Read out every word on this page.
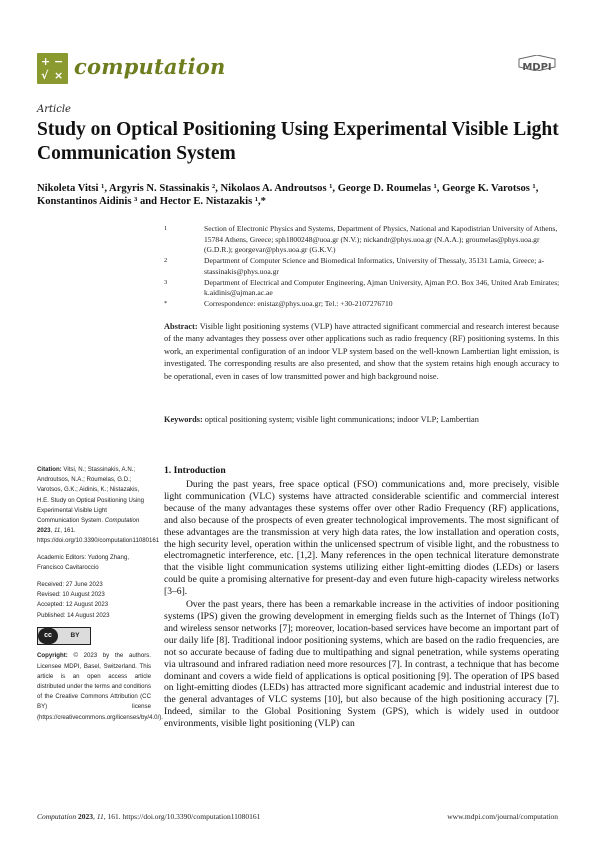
+ −
√ × computation	MDPI
Article
Study on Optical Positioning Using Experimental Visible Light Communication System
Nikoleta Vitsi ¹, Argyris N. Stassinakis ², Nikolaos A. Androutsos ¹, George D. Roumelas ¹, George K. Varotsos ¹,
Konstantinos Aidinis ³ and Hector E. Nistazakis ¹,*
1	Section of Electronic Physics and Systems, Department of Physics, National and Kapodistrian University of Athens, 15784 Athens, Greece; sph1800248@uoa.gr (N.V.); nickandr@phys.uoa.gr (N.A.A.); groumelas@phys.uoa.gr (G.D.R.); georgevar@phys.uoa.gr (G.K.V.)
2	Department of Computer Science and Biomedical Informatics, University of Thessaly, 35131 Lamia, Greece; a-stassinakis@phys.uoa.gr
3	Department of Electrical and Computer Engineering, Ajman University, Ajman P.O. Box 346, United Arab Emirates; k.aidinis@ajman.ac.ae
*	Correspondence: enistaz@phys.uoa.gr; Tel.: +30-2107276710
Abstract: Visible light positioning systems (VLP) have attracted significant commercial and research interest because of the many advantages they possess over other applications such as radio frequency (RF) positioning systems. In this work, an experimental configuration of an indoor VLP system based on the well-known Lambertian light emission, is investigated. The corresponding results are also presented, and show that the system retains high enough accuracy to be operational, even in cases of low transmitted power and high background noise.
Keywords: optical positioning system; visible light communications; indoor VLP; Lambertian

Citation: Vitsi, N.; Stassinakis, A.N.; Androutsos, N.A.; Roumelas, G.D.; Varotsos, G.K.; Aidinis, K.; Nistazakis, H.E. Study on Optical Positioning Using Experimental Visible Light Communication System. Computation 2023, 11, 161. https://doi.org/10.3390/computation11080161

Academic Editors: Yudong Zhang, Francisco Cavitaroccio

Received: 27 June 2023
Revised: 10 August 2023
Accepted: 12 August 2023
Published: 14 August 2023
cc	BY

Copyright: © 2023 by the authors. Licensee MDPI, Basel, Switzerland. This article is an open access article distributed under the terms and conditions of the Creative Commons Attribution (CC BY) license (https://creativecommons.org/licenses/by/4.0/).

1. Introduction

During the past years, free space optical (FSO) communications and, more precisely, visible light communication (VLC) systems have attracted considerable scientific and commercial interest because of the many advantages these systems offer over other Radio Frequency (RF) applications, and also because of the prospects of even greater technological improvements. The most significant of these advantages are the transmission at very high data rates, the low installation and operation costs, the high security level, operation within the unlicensed spectrum of visible light, and the robustness to electromagnetic interference, etc. [1,2]. Many references in the open technical literature demonstrate that the visible light communication systems utilizing either light-emitting diodes (LEDs) or lasers could be quite a promising alternative for present-day and even future high-capacity wireless networks [3–6].

Over the past years, there has been a remarkable increase in the activities of indoor positioning systems (IPS) given the growing development in emerging fields such as the Internet of Things (IoT) and wireless sensor networks [7]; moreover, location-based services have become an important part of our daily life [8]. Traditional indoor positioning systems, which are based on the radio frequencies, are not so accurate because of fading due to multipathing and signal penetration, while systems operating via ultrasound and infrared radiation need more resources [7]. In contrast, a technique that has become dominant and covers a wide field of applications is optical positioning [9]. The operation of IPS based on light-emitting diodes (LEDs) has attracted more significant academic and industrial interest due to the general advantages of VLC systems [10], but also because of the high positioning accuracy [7]. Indeed, similar to the Global Positioning System (GPS), which is widely used in outdoor environments, visible light positioning (VLP) can

Computation 2023, 11, 161. https://doi.org/10.3390/computation11080161	www.mdpi.com/journal/computation
